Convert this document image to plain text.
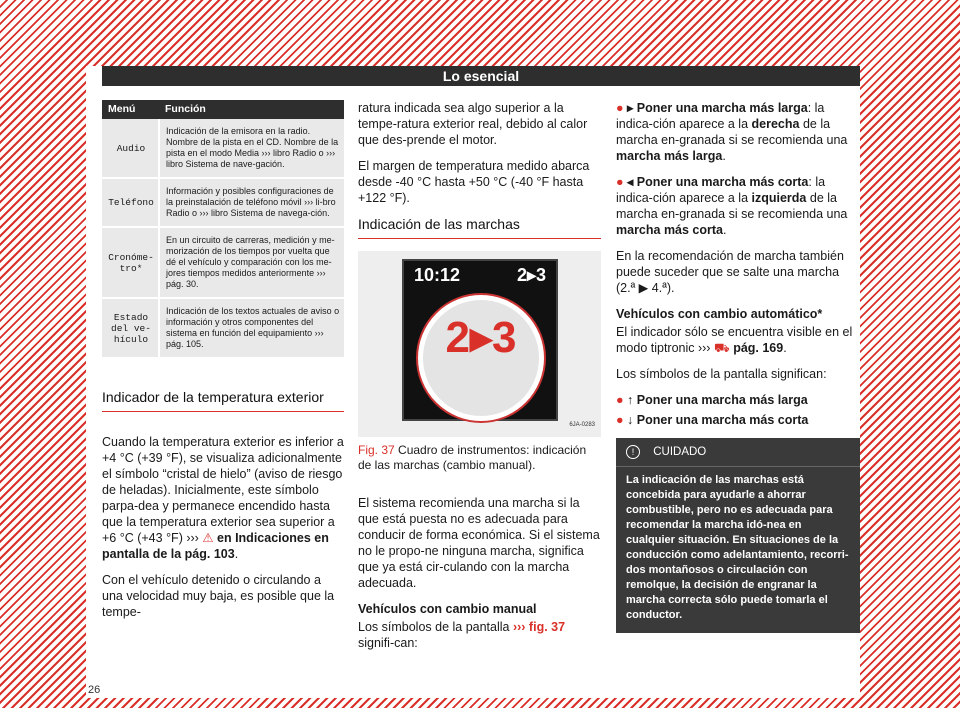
Lo esencial
Menú	Función
Audio	Indicación de la emisora en la radio. Nombre de la pista en el CD. Nombre de la pista en el modo Media ››› libro Radio o ››› libro Sistema de nave-gación.
Teléfono	Información y posibles configuraciones de la preinstalación de teléfono móvil ››› li-bro Radio o ››› libro Sistema de navega-ción.
Cronóme-tro*	En un circuito de carreras, medición y me-morización de los tiempos por vuelta que dé el vehículo y comparación con los me-jores tiempos medidos anteriormente ››› pág. 30.
Estado del ve-hículo	Indicación de los textos actuales de aviso o información y otros componentes del sistema en función del equipamiento ››› pág. 105.
Indicador de la temperatura exterior

Cuando la temperatura exterior es inferior a +4 °C (+39 °F), se visualiza adicionalmente el símbolo “cristal de hielo” (aviso de riesgo de heladas). Inicialmente, este símbolo parpa-dea y permanece encendido hasta que la temperatura exterior sea superior a +6 °C (+43 °F) ››› ⚠ en Indicaciones en pantalla de la pág. 103.

Con el vehículo detenido o circulando a una velocidad muy baja, es posible que la tempe-

ratura indicada sea algo superior a la tempe-ratura exterior real, debido al calor que des-prende el motor.

El margen de temperatura medido abarca desde -40 °C hasta +50 °C (-40 °F hasta +122 °F).

Indicación de las marchas
10:12	2▸3
2▸3
6JA-0283
Fig. 37 Cuadro de instrumentos: indicación de las marchas (cambio manual).

El sistema recomienda una marcha si la que está puesta no es adecuada para conducir de forma económica. Si el sistema no le propo-ne ninguna marcha, significa que ya está cir-culando con la marcha adecuada.

Vehículos con cambio manual

Los símbolos de la pantalla ››› fig. 37 signifi-can:

● ▸ Poner una marcha más larga: la indica-ción aparece a la derecha de la marcha en-granada si se recomienda una marcha más larga.

● ◂ Poner una marcha más corta: la indica-ción aparece a la izquierda de la marcha en-granada si se recomienda una marcha más corta.

En la recomendación de marcha también puede suceder que se salte una marcha (2.ª ▶ 4.ª).

Vehículos con cambio automático*

El indicador sólo se encuentra visible en el modo tiptronic ››› ⛟ pág. 169.

Los símbolos de la pantalla significan:

● ↑ Poner una marcha más larga

● ↓ Poner una marcha más corta

! CUIDADO
La indicación de las marchas está concebida para ayudarle a ahorrar combustible, pero no es adecuada para recomendar la marcha idó-nea en cualquier situación. En situaciones de la conducción como adelantamiento, recorri-dos montañosos o circulación con remolque, la decisión de engranar la marcha correcta sólo puede tomarla el conductor.
26
